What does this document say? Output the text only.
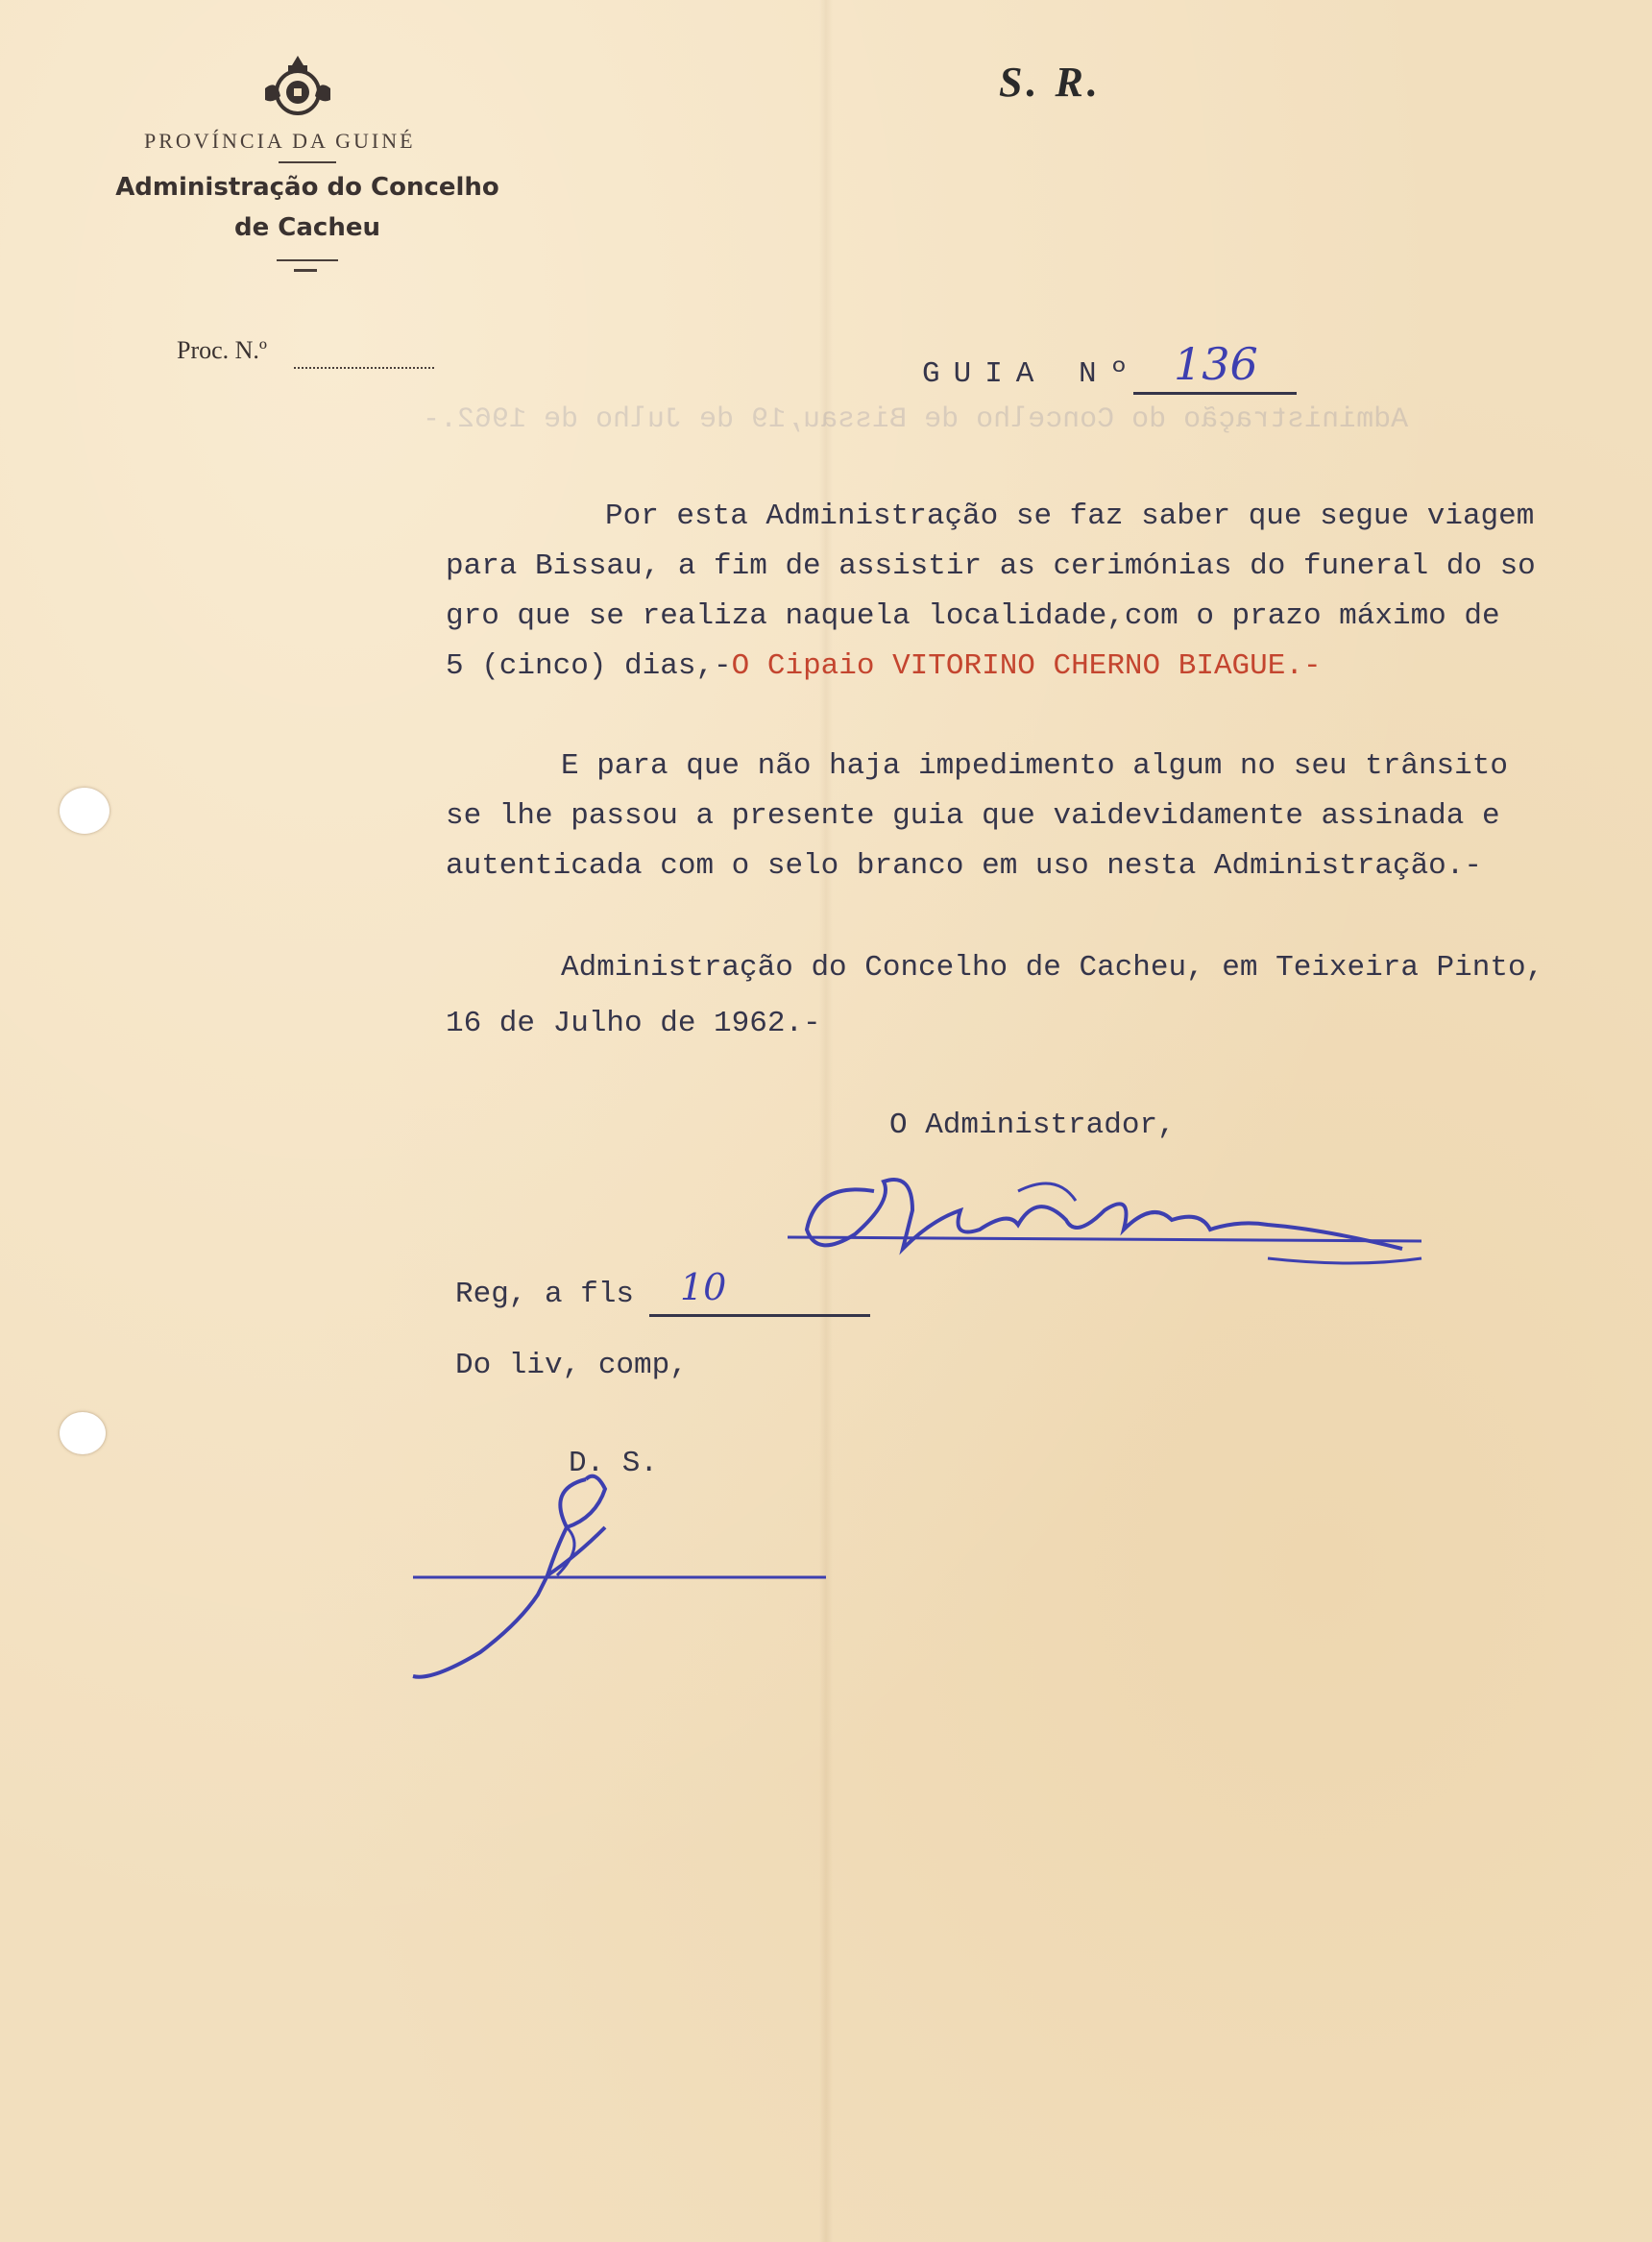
Administração do Concelho de Bissau,19 de Julho de 1962.-
PROVÍNCIA DA GUINÉ
Administração do Concelho
de Cacheu
S. R.
Proc. N.º
GUIA Nº 136
Por esta Administração se faz saber que segue viagem
para Bissau, a fim de assistir as cerimónias do funeral do so
gro que se realiza naquela localidade,com o prazo máximo de
5 (cinco) dias,-O Cipaio VITORINO CHERNO BIAGUE.-
E para que não haja impedimento algum no seu trânsito
se lhe passou a presente guia que vaidevidamente assinada e
autenticada com o selo branco em uso nesta Administração.-
Administração do Concelho de Cacheu, em Teixeira Pinto,
16 de Julho de 1962.-
O Administrador,
Reg, a fls 10
Do liv, comp,
D. S.
